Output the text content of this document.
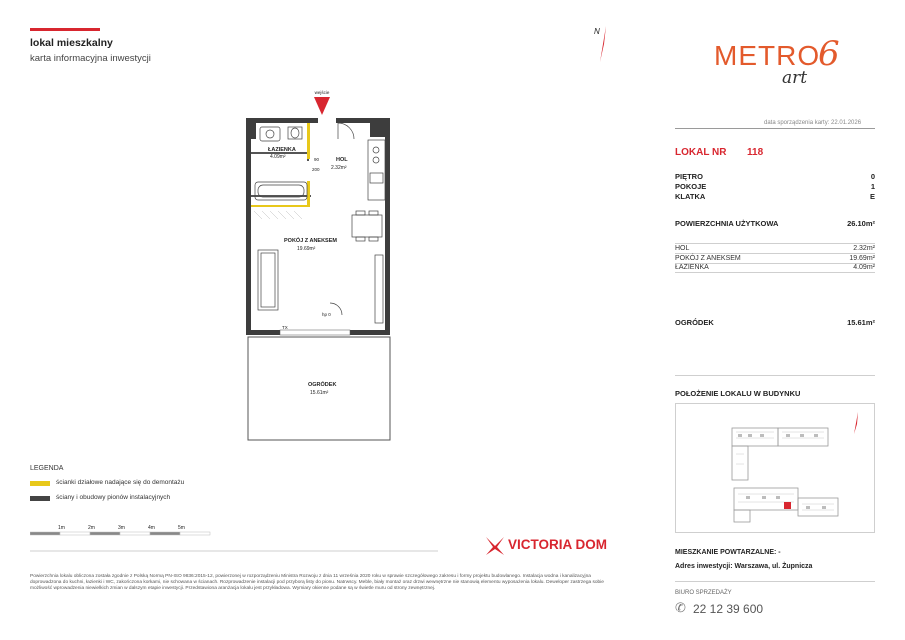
lokal mieszkalny
karta informacyjna inwestycji
N
METRO
6
art
data sporządzenia karty: 22.01.2026
LOKAL NR 118
PIĘTRO	0
POKOJE	1
KLATKA	E
POWIERZCHNIA UŻYTKOWA	26.10m²
HOL	2.32m²
POKÓJ Z ANEKSEM	19.69m²
ŁAZIENKA	4.09m²
OGRÓDEK	15.61m²
POŁOŻENIE LOKALU W BUDYNKU
MIESZKANIE POWTARZALNE: -
Adres inwestycji: Warszawa, ul. Żupnicza
BIURO SPRZEDAŻY
✆ 22 12 39 600
wejście
ŁAZIENKA
4.09m²	HOL
2.32m²
90
200
POKÓJ Z ANEKSEM
19.69m²
hp 0
TX
OGRÓDEK
15.61m²
LEGENDA
ścianki działowe nadające się do demontażu
ściany i obudowy pionów instalacyjnych
1m	2m	3m	4m	5m
VICTORIA DOM
Powierzchnia lokalu obliczona została zgodnie z Polską Normą PN-ISO 9836:2015-12, powierzonej w rozporządzeniu Ministra Rozwoju z dnia 11 września 2020 roku w sprawie szczegółowego zakresu i formy projektu budowlanego. Instalacja wodna i kanalizacyjna doprowadzona do kuchni, łazienki i WC, zakończona korkami, nie schowana w ścianach. Rozprowadzenie instalacji pod przyborą listy do pionu. Natrwscy. Meble, biały montaż oraz drzwi wewnętrzne nie stanowią elementu wyposażenia lokalu. Deweloper zastrzega sobie możliwość wprowadzenia niewielkich zmian w dalszym etapie inwestycji. Przedstawiona aranżacja lokalu jest przykładowa. Wymiary okienne podane są w świetle muru od strony zewnętrznej.
